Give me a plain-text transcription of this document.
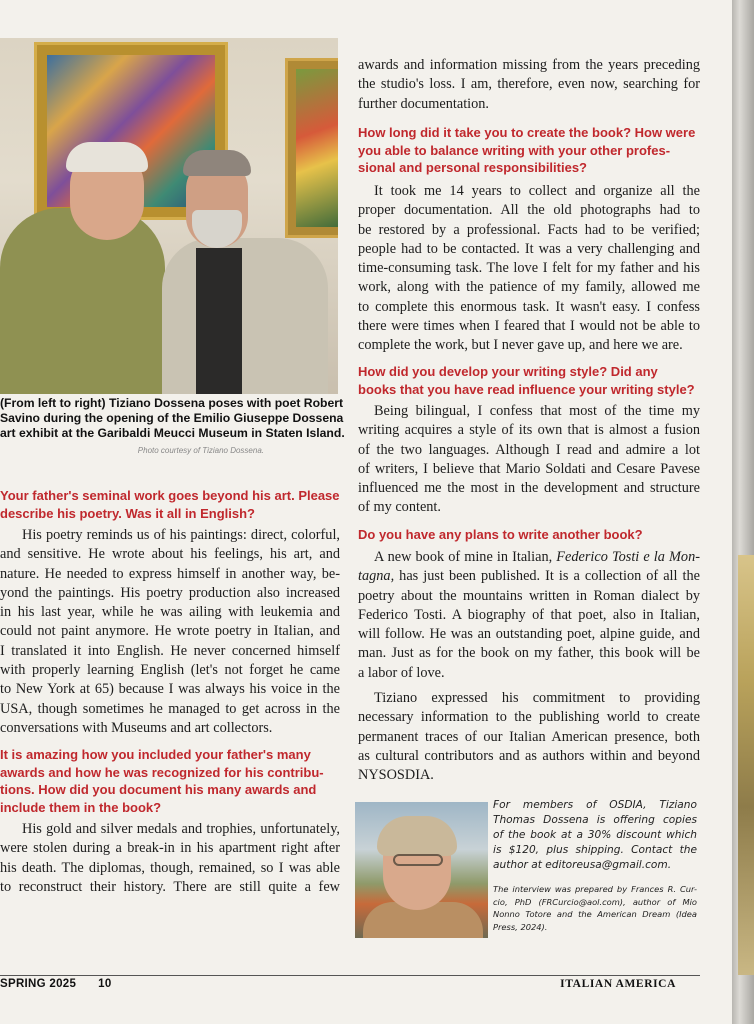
(From left to right) Tiziano Dossena poses with poet Robert
Savino during the opening of the Emilio Giuseppe Dossena
art exhibit at the Garibaldi Meucci Museum in Staten Island.
Photo courtesy of Tiziano Dossena.
Your father's seminal work goes beyond his art. Please
describe his poetry. Was it all in English?
His poetry reminds us of his paintings: direct, colorful,
and sensitive. He wrote about his feelings, his art, and
nature. He needed to express himself in another way, be-
yond the paintings. His poetry production also increased
in his last year, while he was ailing with leukemia and
could not paint anymore. He wrote poetry in Italian, and
I translated it into English. He never concerned himself
with properly learning English (let's not forget he came
to New York at 65) because I was always his voice in the
USA, though sometimes he managed to get across in the
conversations with Museums and art collectors.
It is amazing how you included your father's many
awards and how he was recognized for his contribu-
tions. How did you document his many awards and
include them in the book?
His gold and silver medals and trophies, unfortunately,
were stolen during a break-in in his apartment right after
his death. The diplomas, though, remained, so I was able
to reconstruct their history. There are still quite a few
awards and information missing from the years preceding
the studio's loss. I am, therefore, even now, searching for
further documentation.
How long did it take you to create the book? How were
you able to balance writing with your other profes-
sional and personal responsibilities?
It took me 14 years to collect and organize all the
proper documentation. All the old photographs had to
be restored by a professional. Facts had to be verified;
people had to be contacted. It was a very challenging and
time-consuming task. The love I felt for my father and his
work, along with the patience of my family, allowed me
to complete this enormous task. It wasn't easy. I confess
there were times when I feared that I would not be able to
complete the work, but I never gave up, and here we are.
How did you develop your writing style? Did any
books that you have read influence your writing style?
Being bilingual, I confess that most of the time my
writing acquires a style of its own that is almost a fusion
of the two languages. Although I read and admire a lot
of writers, I believe that Mario Soldati and Cesare Pavese
influenced me the most in the development and structure
of my content.
Do you have any plans to write another book?
A new book of mine in Italian, Federico Tosti e la Mon-
tagna, has just been published. It is a collection of all the
poetry about the mountains written in Roman dialect by
Federico Tosti. A biography of that poet, also in Italian,
will follow. He was an outstanding poet, alpine guide, and
man. Just as for the book on my father, this book will be
a labor of love.
Tiziano expressed his commitment to providing
necessary information to the publishing world to create
permanent traces of our Italian American presence, both
as cultural contributors and as authors within and beyond
NYSOSDIA.
For members of OSDIA, Tiziano
Thomas Dossena is offering copies
of the book at a 30% discount which
is $120, plus shipping. Contact the
author at editoreusa@gmail.com.
The interview was prepared by Frances R. Cur-
cio, PhD (FRCurcio@aol.com), author of Mio
Nonno Totore and the American Dream (Idea
Press, 2024).
SPRING 2025 10	ITALIAN AMERICA
